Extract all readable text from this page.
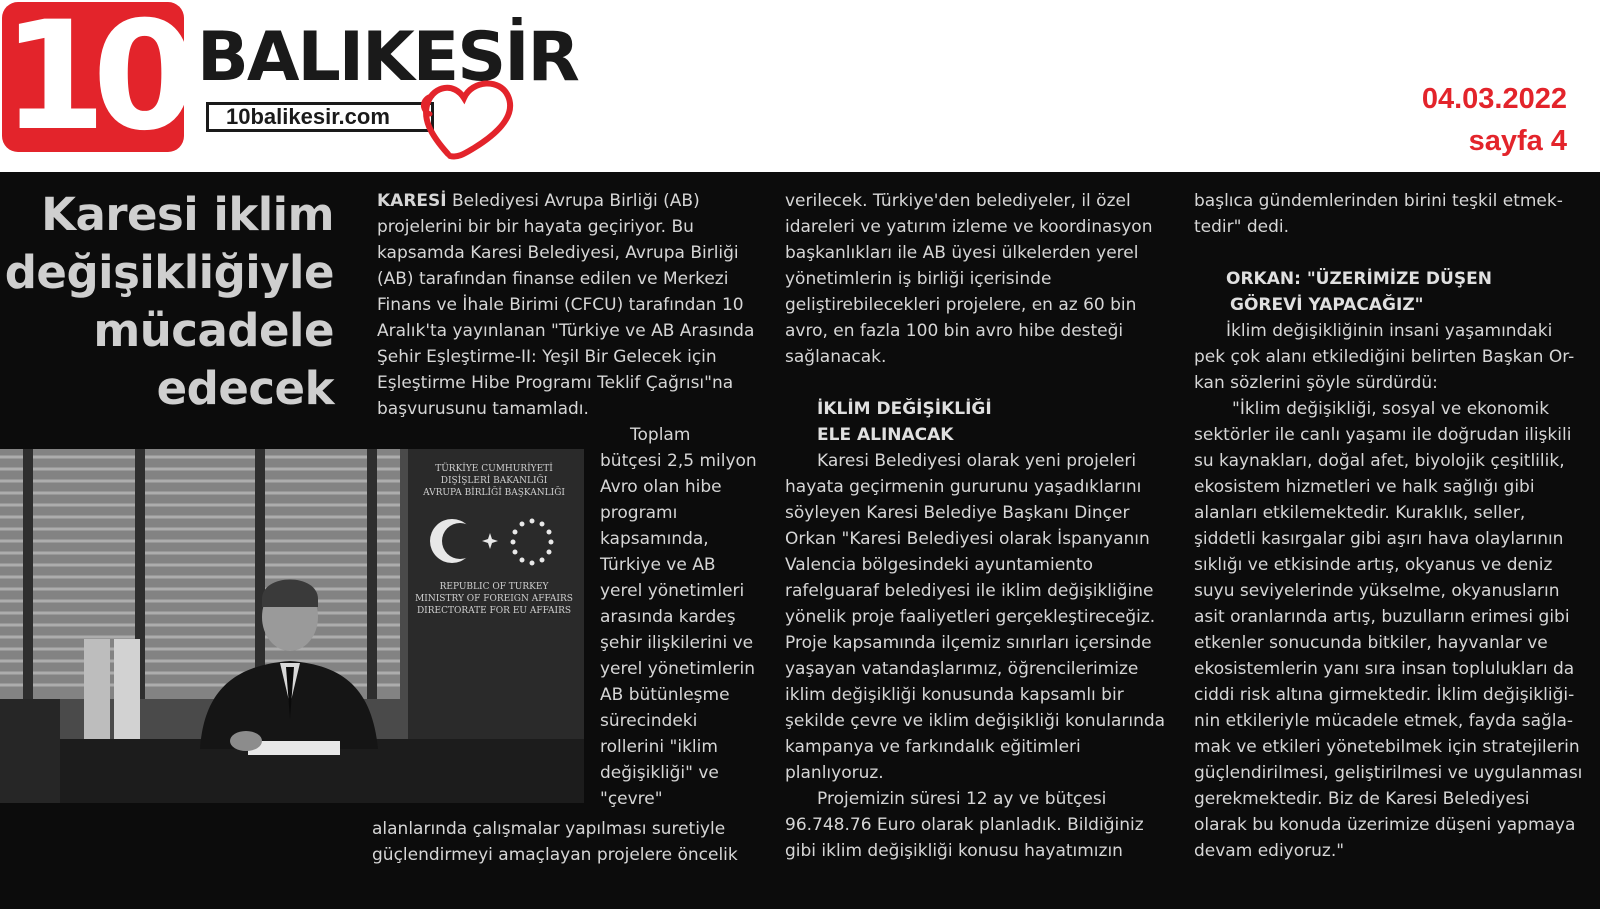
10 BALIKESİR
10balikesir.com
04.03.2022
sayfa 4
Karesi iklim
değişikliğiyle
mücadele
edecek
TÜRKİYE CUMHURİYETİ
DIŞİŞLERİ BAKANLIĞI
AVRUPA BİRLİĞİ BAŞKANLIĞI
REPUBLIC OF TURKEY
MINISTRY OF FOREIGN AFFAIRS
DIRECTORATE FOR EU AFFAIRS

KARESİ Belediyesi Avrupa Birliği (AB)

projelerini bir bir hayata geçiriyor. Bu

kapsamda Karesi Belediyesi, Avrupa Birliği

(AB) tarafından finanse edilen ve Merkezi

Finans ve İhale Birimi (CFCU) tarafından 10

Aralık'ta yayınlanan "Türkiye ve AB Arasında

Şehir Eşleştirme-II: Yeşil Bir Gelecek için

Eşleştirme Hibe Programı Teklif Çağrısı"na

başvurusunu tamamladı.

Toplam

bütçesi 2,5 milyon

Avro olan hibe

programı

kapsamında,

Türkiye ve AB

yerel yönetimleri

arasında kardeş

şehir ilişkilerini ve

yerel yönetimlerin

AB bütünleşme

sürecindeki

rollerini "iklim

değişikliği" ve

"çevre"

alanlarında çalışmalar yapılması suretiyle

güçlendirmeyi amaçlayan projelere öncelik

verilecek. Türkiye'den belediyeler, il özel

idareleri ve yatırım izleme ve koordinasyon

başkanlıkları ile AB üyesi ülkelerden yerel

yönetimlerin iş birliği içerisinde

geliştirebilecekleri projelere, en az 60 bin

avro, en fazla 100 bin avro hibe desteği

sağlanacak.

İKLİM DEĞİŞİKLİĞİ

ELE ALINACAK

Karesi Belediyesi olarak yeni projeleri

hayata geçirmenin gururunu yaşadıklarını

söyleyen Karesi Belediye Başkanı Dinçer

Orkan "Karesi Belediyesi olarak İspanyanın

Valencia bölgesindeki ayuntamiento

rafelguaraf belediyesi ile iklim değişikliğine

yönelik proje faaliyetleri gerçekleştireceğiz.

Proje kapsamında ilçemiz sınırları içersinde

yaşayan vatandaşlarımız, öğrencilerimize

iklim değişikliği konusunda kapsamlı bir

şekilde çevre ve iklim değişikliği konularında

kampanya ve farkındalık eğitimleri

planlıyoruz.

Projemizin süresi 12 ay ve bütçesi

96.748.76 Euro olarak planladık. Bildiğiniz

gibi iklim değişikliği konusu hayatımızın

başlıca gündemlerinden birini teşkil etmek-

tedir" dedi.

ORKAN: "ÜZERİMİZE DÜŞEN

GÖREVİ YAPACAĞIZ"

İklim değişikliğinin insani yaşamındaki

pek çok alanı etkilediğini belirten Başkan Or-

kan sözlerini şöyle sürdürdü:

"İklim değişikliği, sosyal ve ekonomik

sektörler ile canlı yaşamı ile doğrudan ilişkili

su kaynakları, doğal afet, biyolojik çeşitlilik,

ekosistem hizmetleri ve halk sağlığı gibi

alanları etkilemektedir. Kuraklık, seller,

şiddetli kasırgalar gibi aşırı hava olaylarının

sıklığı ve etkisinde artış, okyanus ve deniz

suyu seviyelerinde yükselme, okyanusların

asit oranlarında artış, buzulların erimesi gibi

etkenler sonucunda bitkiler, hayvanlar ve

ekosistemlerin yanı sıra insan toplulukları da

ciddi risk altına girmektedir. İklim değişikliği-

nin etkileriyle mücadele etmek, fayda sağla-

mak ve etkileri yönetebilmek için stratejilerin

güçlendirilmesi, geliştirilmesi ve uygulanması

gerekmektedir. Biz de Karesi Belediyesi

olarak bu konuda üzerimize düşeni yapmaya

devam ediyoruz."
